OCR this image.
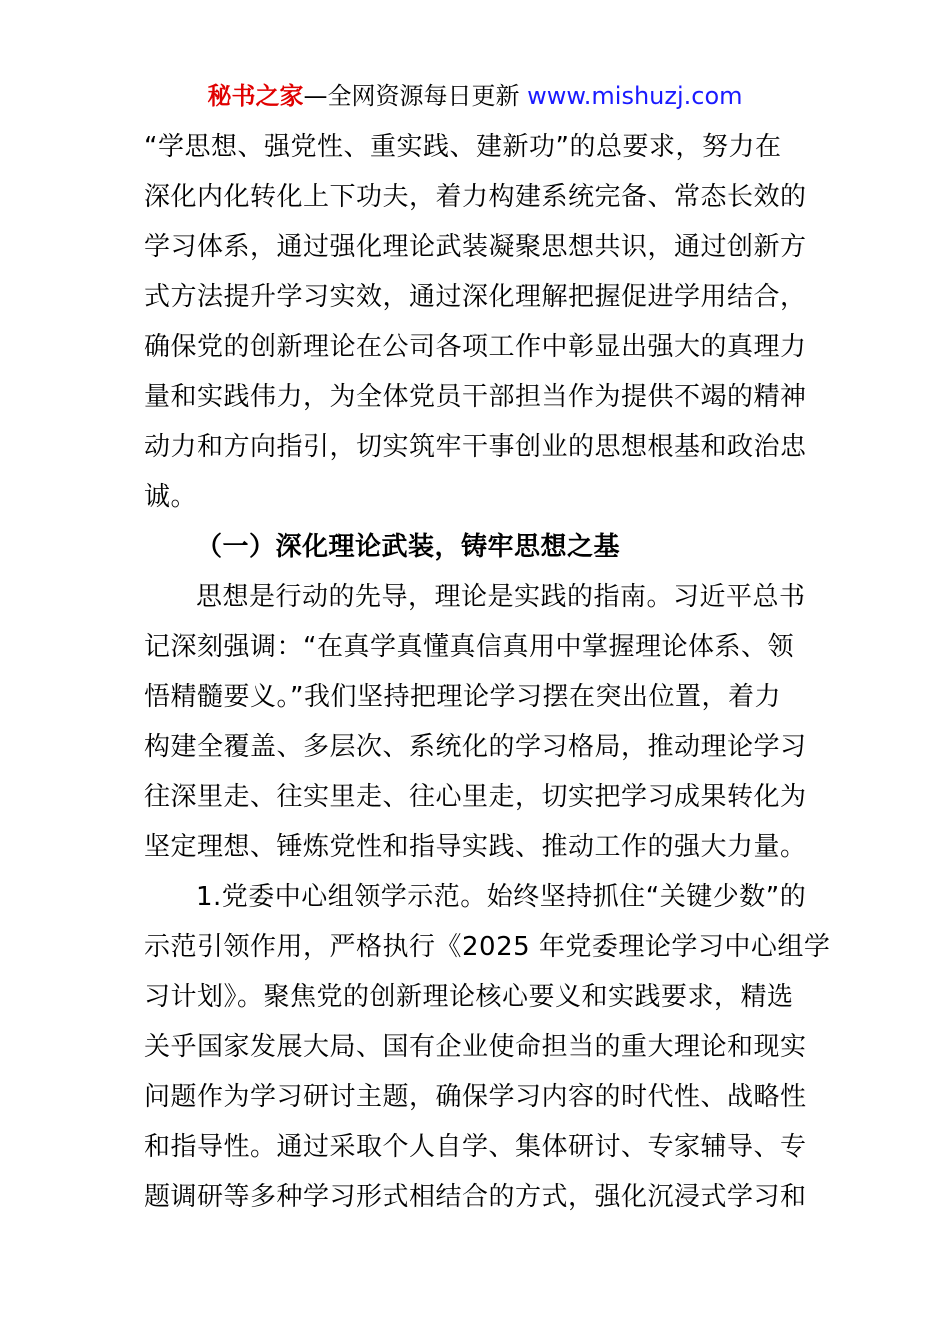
秘书之家—全网资源每日更新 www.mishuzj.com
“学思想、强党性、重实践、建新功”的总要求，努力在
深化内化转化上下功夫，着力构建系统完备、常态长效的
学习体系，通过强化理论武装凝聚思想共识，通过创新方
式方法提升学习实效，通过深化理解把握促进学用结合，
确保党的创新理论在公司各项工作中彰显出强大的真理力
量和实践伟力，为全体党员干部担当作为提供不竭的精神
动力和方向指引，切实筑牢干事创业的思想根基和政治忠
诚。
（一）深化理论武装，铸牢思想之基
思想是行动的先导，理论是实践的指南。习近平总书
记深刻强调：“在真学真懂真信真用中掌握理论体系、领
悟精髓要义。”我们坚持把理论学习摆在突出位置，着力
构建全覆盖、多层次、系统化的学习格局，推动理论学习
往深里走、往实里走、往心里走，切实把学习成果转化为
坚定理想、锤炼党性和指导实践、推动工作的强大力量。
1.党委中心组领学示范。始终坚持抓住“关键少数”的
示范引领作用，严格执行《2025 年党委理论学习中心组学
习计划》。聚焦党的创新理论核心要义和实践要求，精选
关乎国家发展大局、国有企业使命担当的重大理论和现实
问题作为学习研讨主题，确保学习内容的时代性、战略性
和指导性。通过采取个人自学、集体研讨、专家辅导、专
题调研等多种学习形式相结合的方式，强化沉浸式学习和
